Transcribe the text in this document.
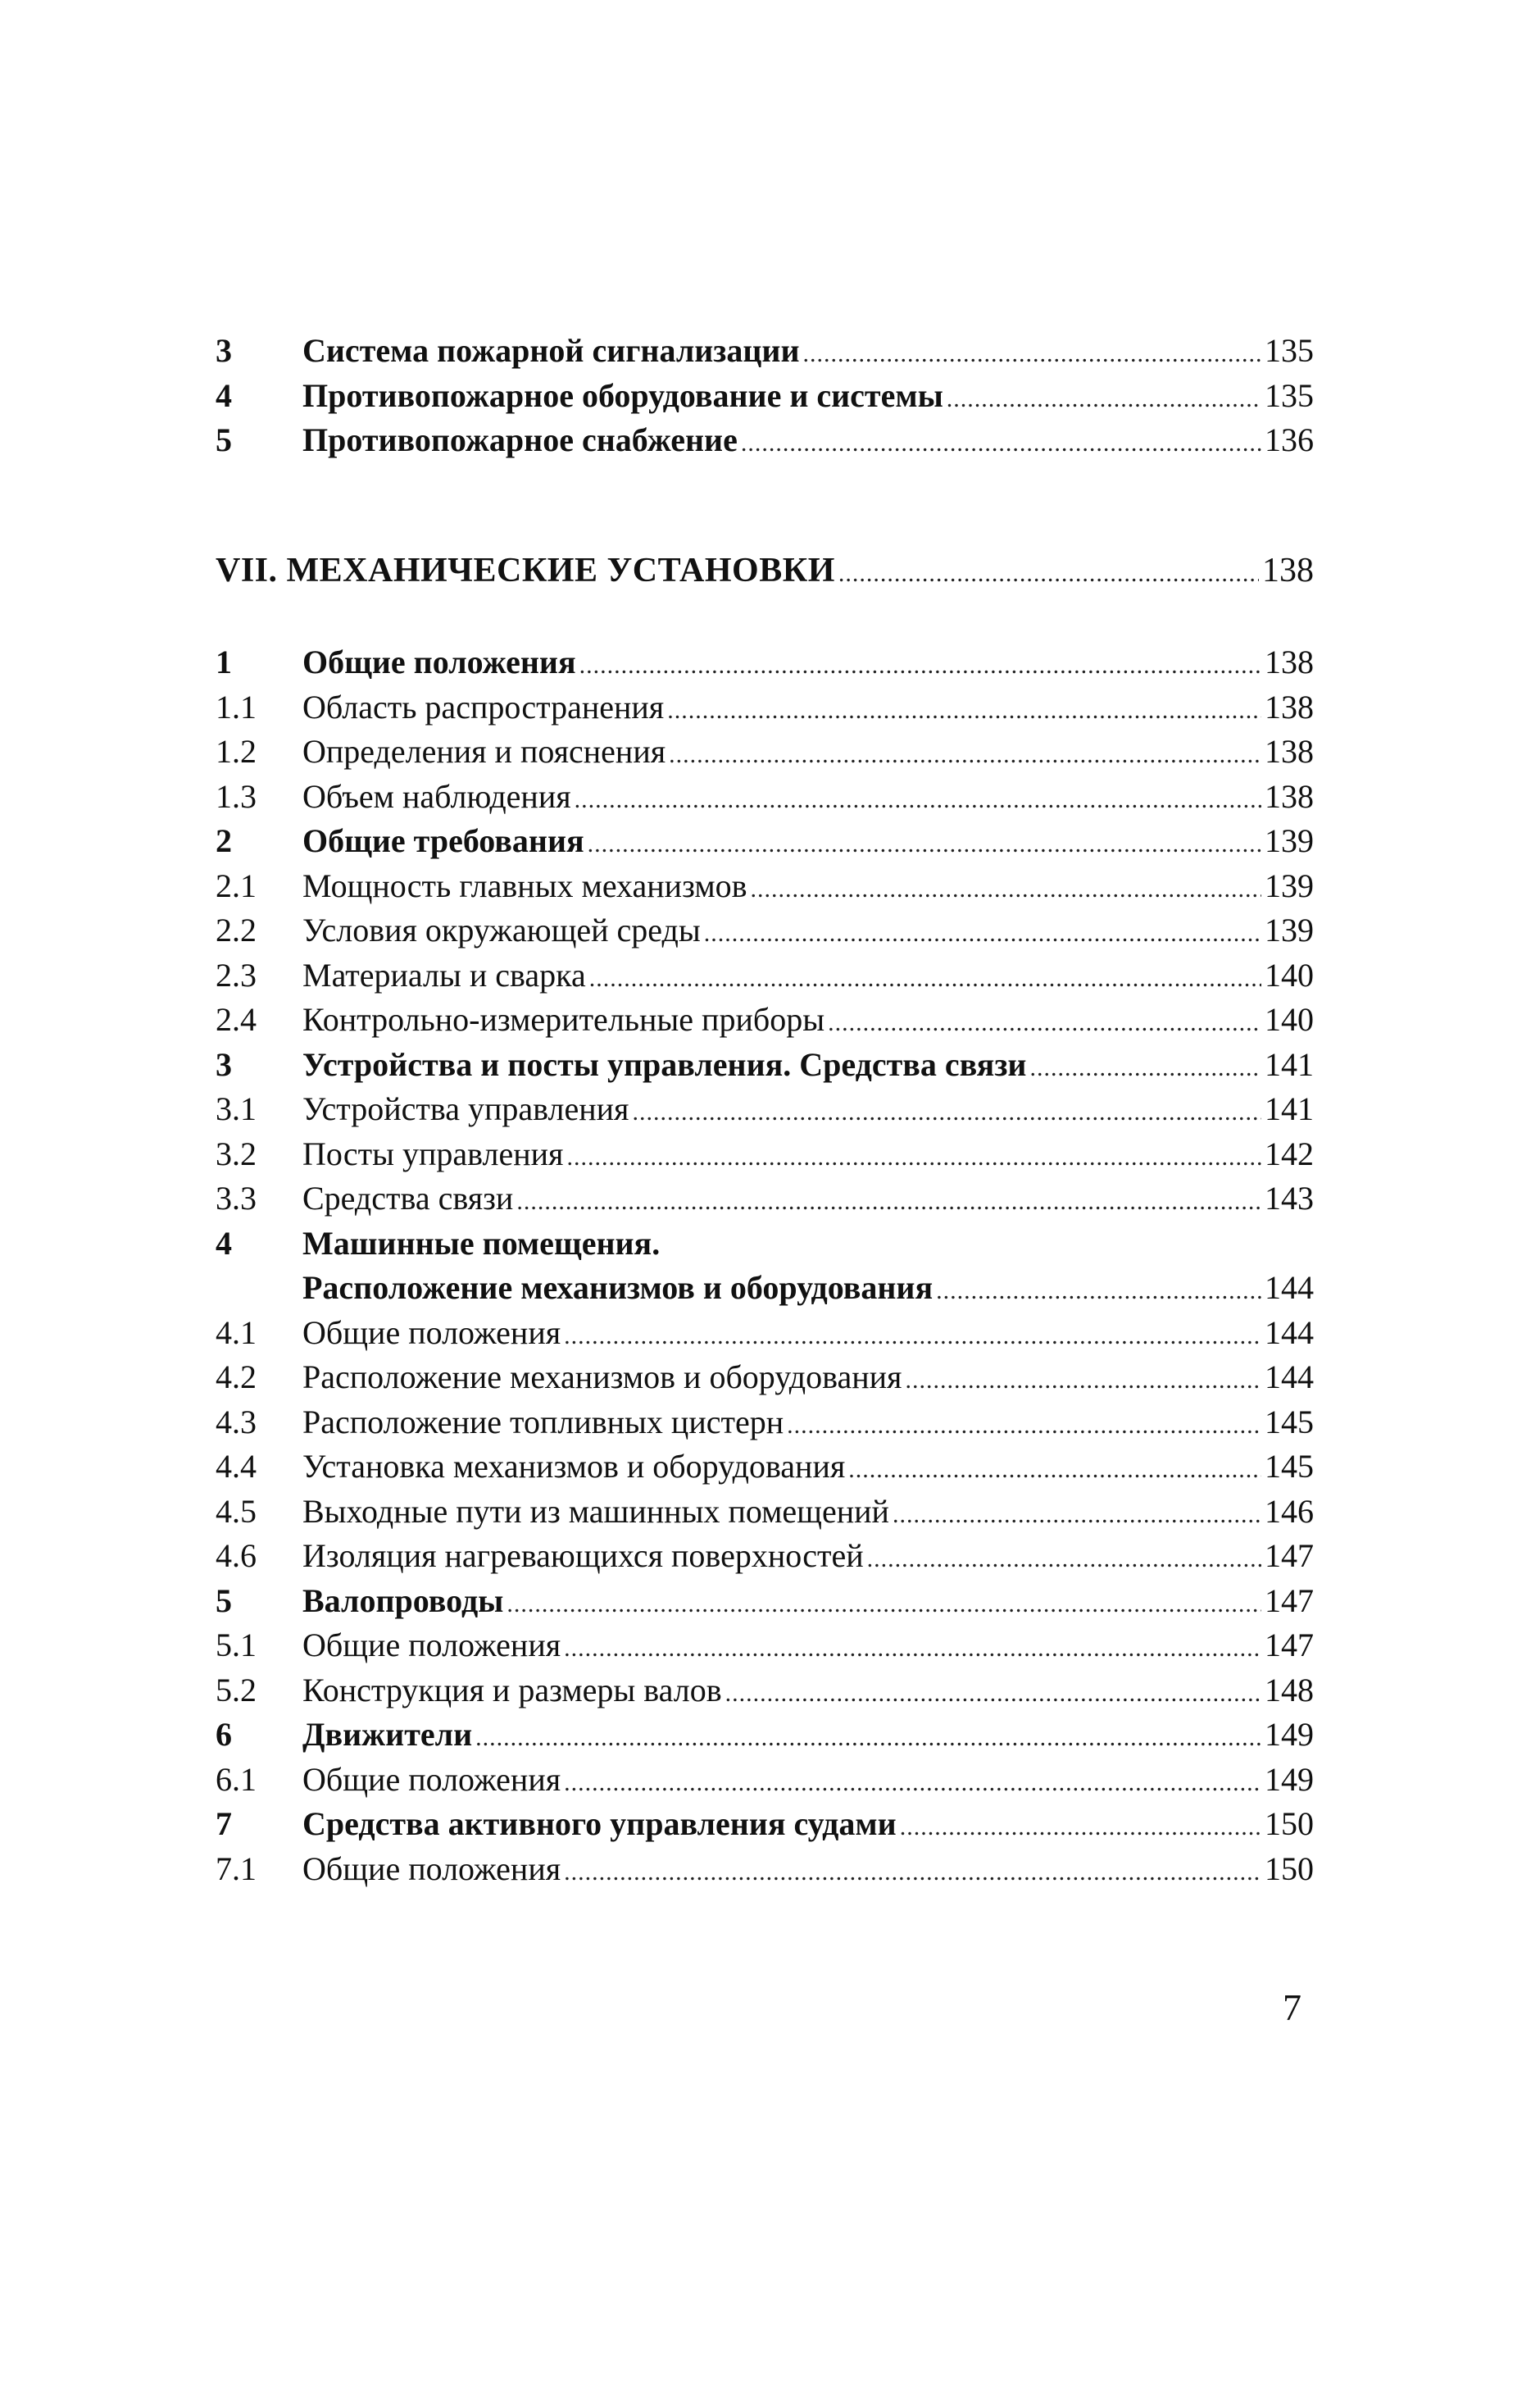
3	Система пожарной сигнализации .....	135
4	Противопожарное оборудование и системы .....	135
5	Противопожарное снабжение .....	136
VII. МЕХАНИЧЕСКИЕ УСТАНОВКИ .....	138
1	Общие положения .....	138
1.1	Область распространения .....	138
1.2	Определения и пояснения .....	138
1.3	Объем наблюдения .....	138
2	Общие требования .....	139
2.1	Мощность главных механизмов .....	139
2.2	Условия окружающей среды .....	139
2.3	Материалы и сварка .....	140
2.4	Контрольно-измерительные приборы .....	140
3	Устройства и посты управления. Средства связи .....	141
3.1	Устройства управления .....	141
3.2	Посты управления .....	142
3.3	Средства связи .....	143
4	Машинные помещения.
Расположение механизмов и оборудования .....	144
4.1	Общие положения .....	144
4.2	Расположение механизмов и оборудования .....	144
4.3	Расположение топливных цистерн .....	145
4.4	Установка механизмов и оборудования .....	145
4.5	Выходные пути из машинных помещений .....	146
4.6	Изоляция нагревающихся поверхностей .....	147
5	Валопроводы .....	147
5.1	Общие положения .....	147
5.2	Конструкция и размеры валов .....	148
6	Движители .....	149
6.1	Общие положения .....	149
7	Средства активного управления судами .....	150
7.1	Общие положения .....	150
7
